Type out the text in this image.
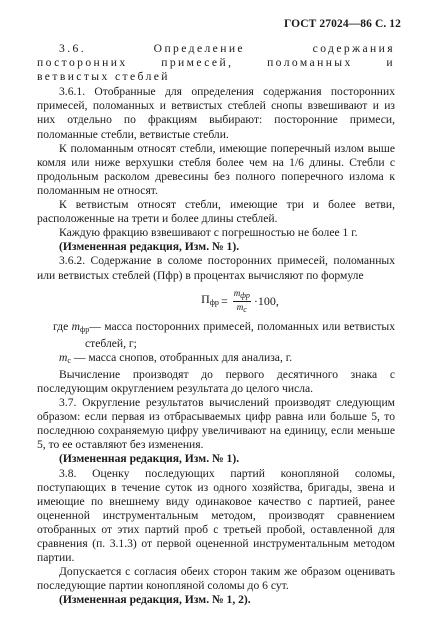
ГОСТ 27024—86 С. 12
3.6. Определение содержания
посторонних примесей, поломанных и
ветвистых стеблей
3.6.1. Отобранные для определения содержания посторонних примесей, поломанных и ветвистых стеблей снопы взвешивают и из них отдельно по фракциям выбирают: посторонние примеси, поломанные стебли, ветвистые стебли.
К поломанным относят стебли, имеющие поперечный излом выше комля или ниже верхушки стебля более чем на 1/6 длины. Стебли с продольным расколом древесины без полного поперечного излома к поломанным не относят.
К ветвистым относят стебли, имеющие три и более ветви, расположенные на трети и более длины стеблей.
Каждую фракцию взвешивают с погрешностью не более 1 г.
(Измененная редакция, Изм. № 1).
3.6.2. Содержание в соломе посторонних примесей, поломанных или ветвистых стеблей (Пфр) в процентах вычисляют по формуле
$П_{фр} = \frac{m_{фр}}{m_с} \cdot 100$,
где $m_{фр}—$ масса посторонних примесей, поломанных или ветвистых стеблей, г;
$m_с$ — масса снопов, отобранных для анализа, г.
Вычисление производят до первого десятичного знака с последующим округлением результата до целого числа.
3.7. Округление результатов вычислений производят следующим образом: если первая из отбрасываемых цифр равна или больше 5, то последнюю сохраняемую цифру увеличивают на единицу, если меньше 5, то ее оставляют без изменения.
(Измененная редакция, Изм. № 1).
3.8. Оценку последующих партий конопляной соломы, поступающих в течение суток из одного хозяйства, бригады, звена и имеющие по внешнему виду одинаковое качество с партией, ранее оцененной инструментальным методом, производят сравнением отобранных от этих партий проб с третьей пробой, оставленной для сравнения (п. 3.1.3) от первой оцененной инструментальным методом партии.
Допускается с согласия обеих сторон таким же образом оценивать последующие партии конопляной соломы до 6 сут.
(Измененная редакция, Изм. № 1, 2).
